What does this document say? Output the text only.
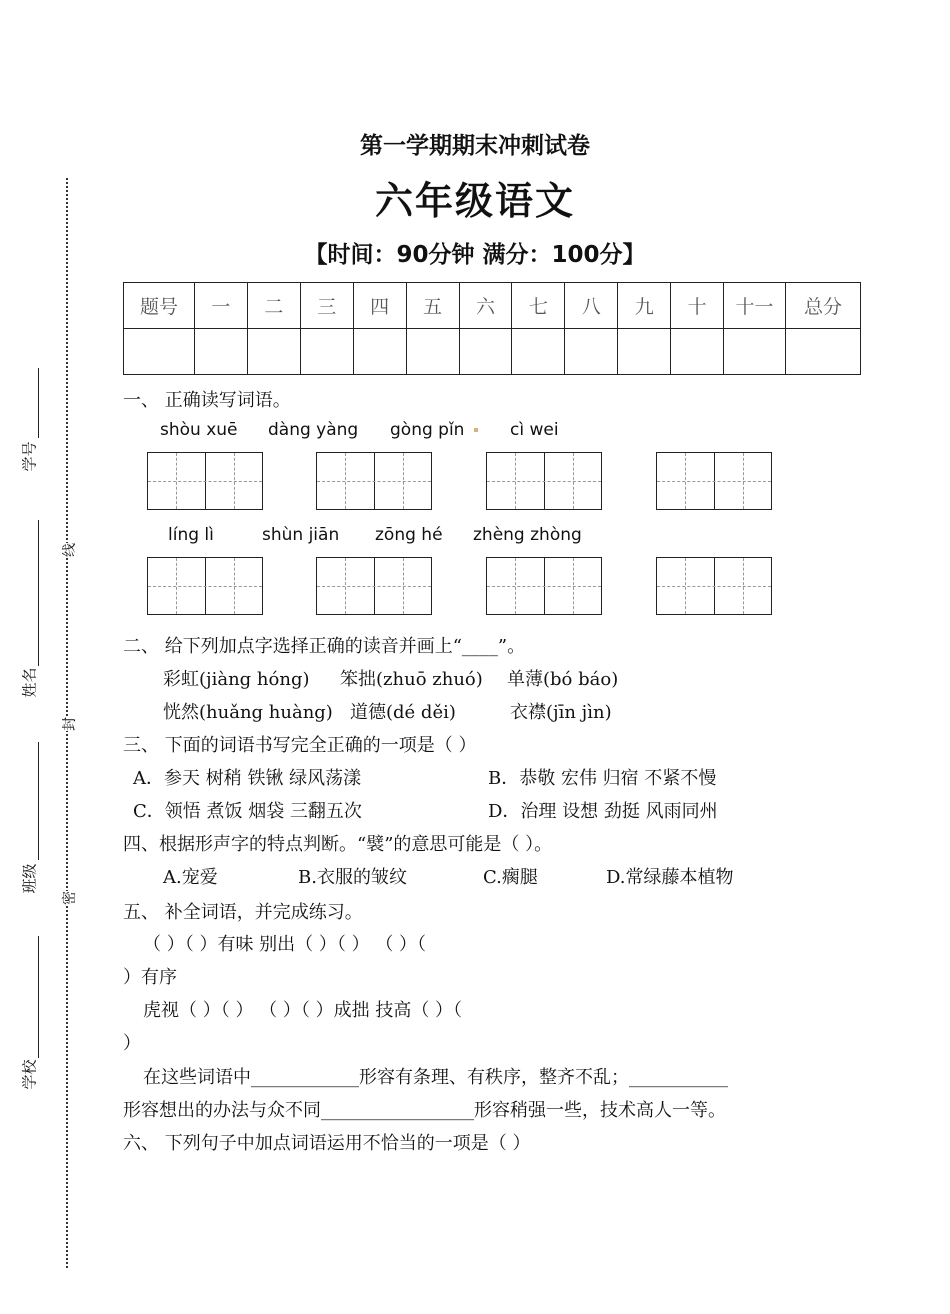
学号
姓名
班级
学校
线
封
密
第一学期期末冲刺试卷
六年级语文
【时间：90分钟 满分：100分】
题号	一	二	三	四	五	六	七	八	九	十	十一	总分

一、 正确读写词语。
shòu xuē dàng yàng gòng pǐn	cì wei
líng lì	shùn jiān zōng hé zhèng zhòng
二、 给下列加点字选择正确的读音并画上“____”。
彩虹(jiàng hóng) 笨拙(zhuō zhuó) 单薄(bó báo)
恍然(huǎng huàng) 道德(dé děi)	衣襟(jīn jìn)
三、 下面的词语书写完全正确的一项是（ ）
A．参天 树稍 铁锹 绿风荡漾	B．恭敬 宏伟 归宿 不紧不慢
C．领悟 煮饭 烟袋 三翻五次	D．治理 设想 劲挺 风雨同州
四、根据形声字的特点判断。“襞”的意思可能是（ ）。
A.宠爱	B.衣服的皱纹	C.瘸腿	D.常绿藤本植物
五、 补全词语，并完成练习。
（ ）（ ）有味 别出（ ）（ ） （ ）（
）有序
虎视（ ）（ ） （ ）（ ）成拙 技高（ ）（
）
在这些词语中____________形容有条理、有秩序，整齐不乱；___________
形容想出的办法与众不同_________________形容稍强一些，技术高人一等。
六、 下列句子中加点词语运用不恰当的一项是（ ）
